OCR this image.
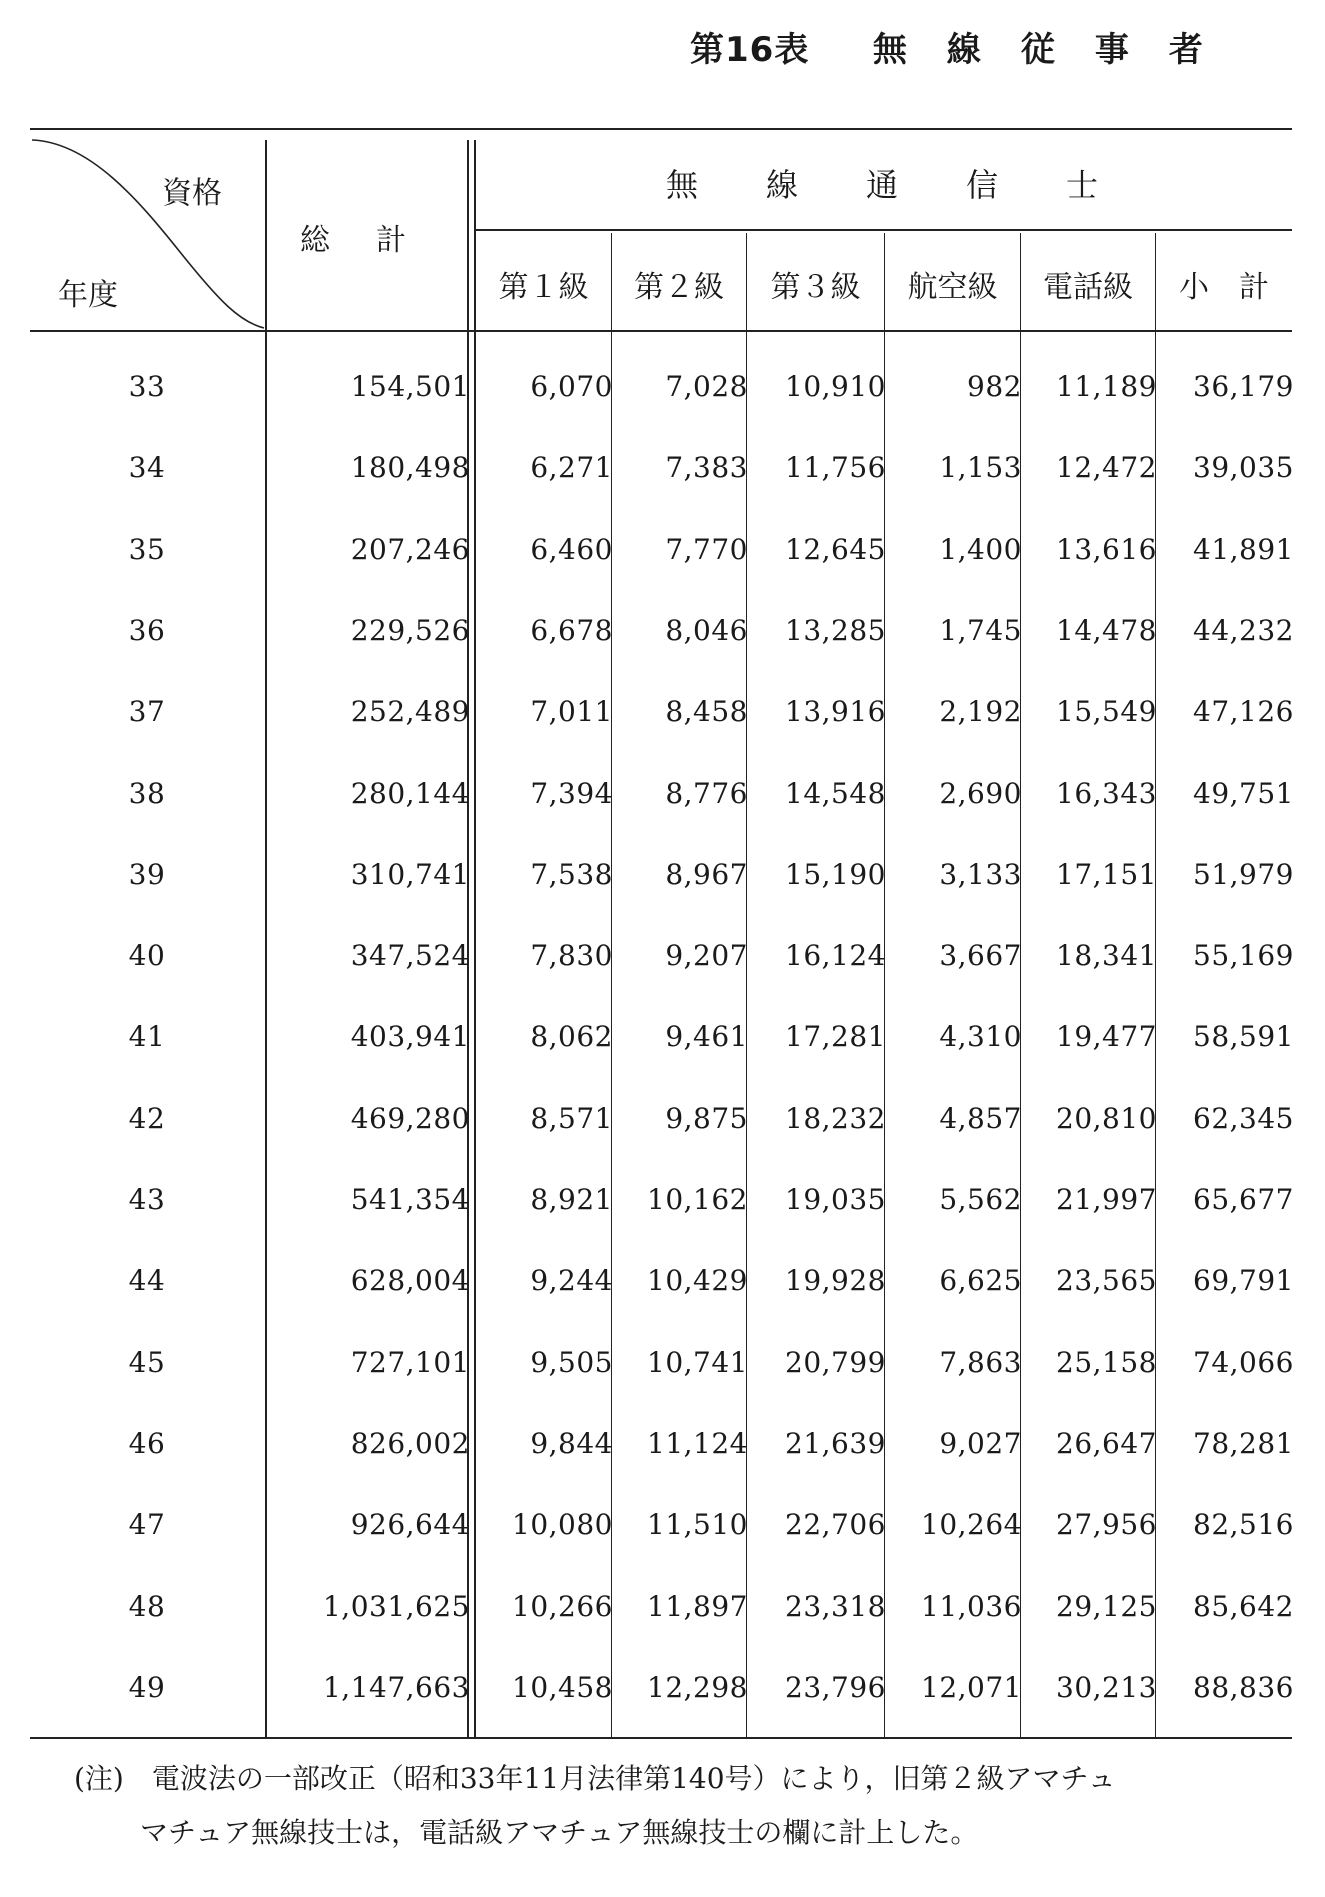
第16表 無 線 従 事 者
資格
年度
総　計
無 線 通 信 士
第１級	第２級	第３級	航空級	電話級	小　計
33	154,501	6,070	7,028	10,910	982	11,189	36,179
34	180,498	6,271	7,383	11,756	1,153	12,472	39,035
35	207,246	6,460	7,770	12,645	1,400	13,616	41,891
36	229,526	6,678	8,046	13,285	1,745	14,478	44,232
37	252,489	7,011	8,458	13,916	2,192	15,549	47,126
38	280,144	7,394	8,776	14,548	2,690	16,343	49,751
39	310,741	7,538	8,967	15,190	3,133	17,151	51,979
40	347,524	7,830	9,207	16,124	3,667	18,341	55,169
41	403,941	8,062	9,461	17,281	4,310	19,477	58,591
42	469,280	8,571	9,875	18,232	4,857	20,810	62,345
43	541,354	8,921	10,162	19,035	5,562	21,997	65,677
44	628,004	9,244	10,429	19,928	6,625	23,565	69,791
45	727,101	9,505	10,741	20,799	7,863	25,158	74,066
46	826,002	9,844	11,124	21,639	9,027	26,647	78,281
47	926,644	10,080	11,510	22,706	10,264	27,956	82,516
48	1,031,625	10,266	11,897	23,318	11,036	29,125	85,642
49	1,147,663	10,458	12,298	23,796	12,071	30,213	88,836
(注)　電波法の一部改正（昭和33年11月法律第140号）により，旧第２級アマチュ
マチュア無線技士は，電話級アマチュア無線技士の欄に計上した。
